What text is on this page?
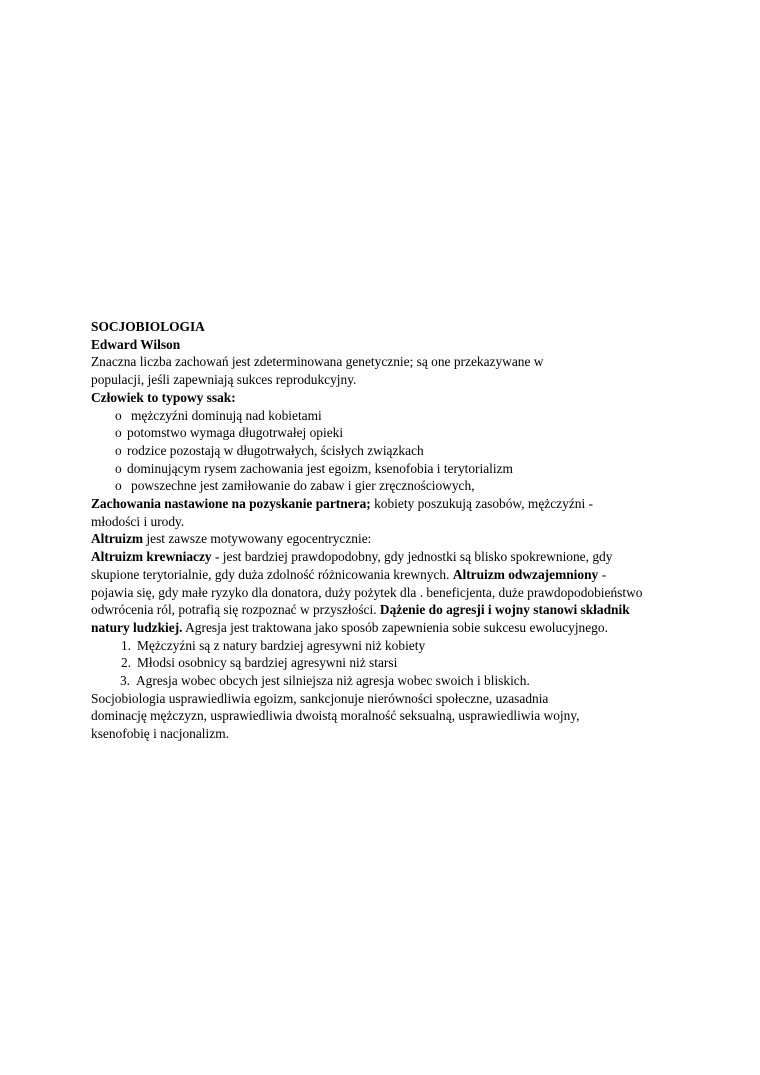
SOCJOBIOLOGIA
Edward Wilson
Znaczna liczba zachowań jest zdeterminowana genetycznie; są one przekazywane w
populacji, jeśli zapewniają sukces reprodukcyjny.
Człowiek to typowy ssak:
o mężczyźni dominują nad kobietami
o potomstwo wymaga długotrwałej opieki
o rodzice pozostają w długotrwałych, ścisłych związkach
o dominującym rysem zachowania jest egoizm, ksenofobia i terytorializm
o powszechne jest zamiłowanie do zabaw i gier zręcznościowych,
Zachowania nastawione na pozyskanie partnera; kobiety poszukują zasobów, mężczyźni -
młodości i urody.
Altruizm jest zawsze motywowany egocentrycznie:
Altruizm krewniaczy - jest bardziej prawdopodobny, gdy jednostki są blisko spokrewnione, gdy
skupione terytorialnie, gdy duża zdolność różnicowania krewnych. Altruizm odwzajemniony -
pojawia się, gdy małe ryzyko dla donatora, duży pożytek dla . beneficjenta, duże prawdopodobieństwo
odwrócenia ról, potrafią się rozpoznać w przyszłości. Dążenie do agresji i wojny stanowi składnik
natury ludzkiej. Agresja jest traktowana jako sposób zapewnienia sobie sukcesu ewolucyjnego.
1. Mężczyźni są z natury bardziej agresywni niż kobiety
2. Młodsi osobnicy są bardziej agresywni niż starsi
3. Agresja wobec obcych jest silniejsza niż agresja wobec swoich i bliskich.
Socjobiologia usprawiedliwia egoizm, sankcjonuje nierówności społeczne, uzasadnia
dominację mężczyzn, usprawiedliwia dwoistą moralność seksualną, usprawiedliwia wojny,
ksenofobię i nacjonalizm.
